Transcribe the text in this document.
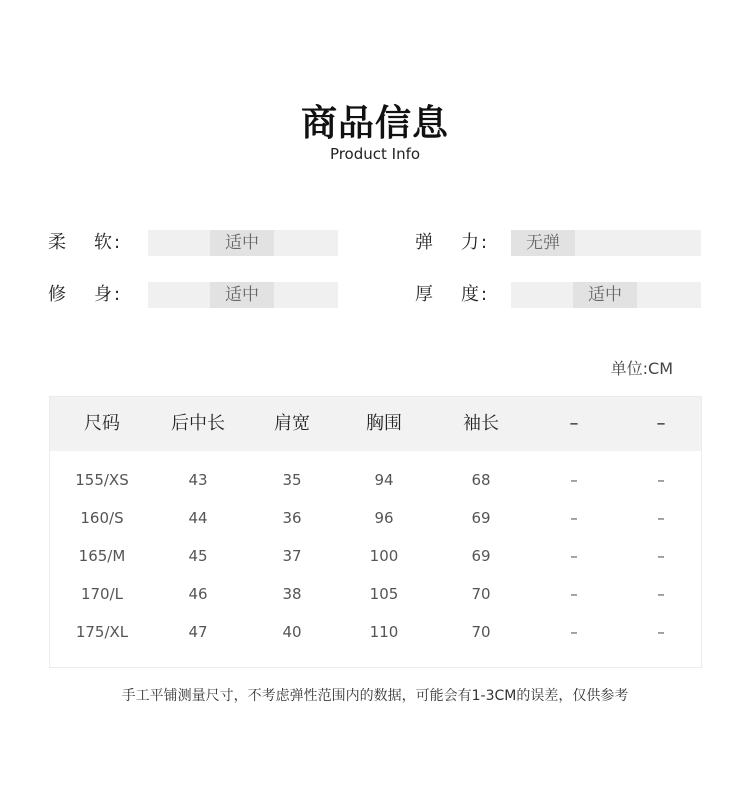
商品信息
Product Info
柔 软 :	适中	弹 力 :	无弹
修 身 :	适中	厚 度 :	适中
单位:CM
尺码	后中长	肩宽	胸围	袖长	–	–
155/XS	43	35	94	68	–	–
160/S	44	36	96	69	–	–
165/M	45	37	100	69	–	–
170/L	46	38	105	70	–	–
175/XL	47	40	110	70	–	–
手工平铺测量尺寸，不考虑弹性范围内的数据，可能会有1-3CM的误差，仅供参考
